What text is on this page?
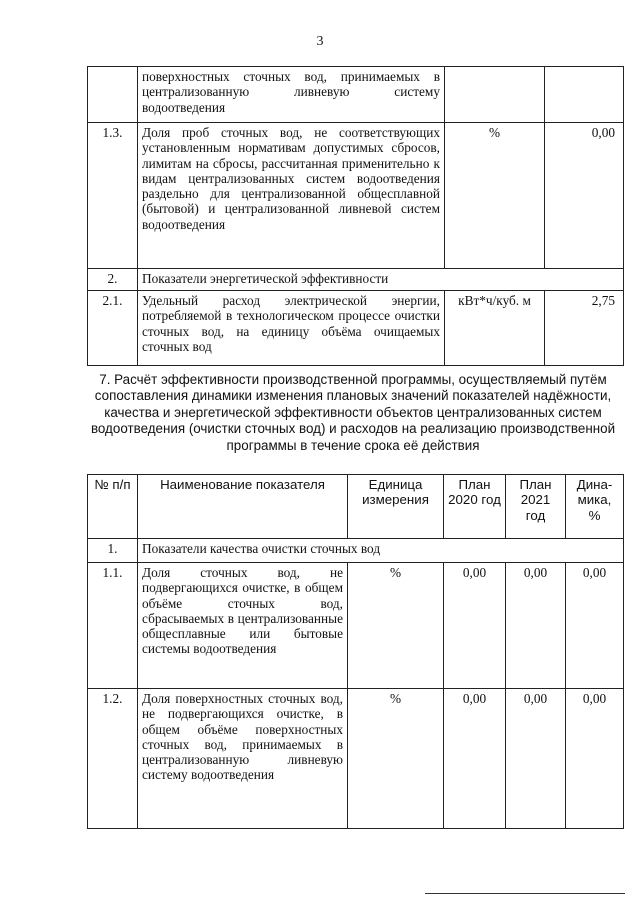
3
	поверхностных сточных вод, принимаемых в централизованную ливневую систему водоотведения		
1.3.	Доля проб сточных вод, не соответствующих установленным нормативам допустимых сбросов, лимитам на сбросы, рассчитанная применительно к видам централизованных систем водоотведения раздельно для централизованной общесплавной (бытовой) и централизованной ливневой систем водоотведения	%	0,00
2.	Показатели энергетической эффективности		
2.1.	Удельный расход электрической энергии, потребляемой в технологическом процессе очистки сточных вод, на единицу объёма очищаемых сточных вод	кВт*ч/куб. м	2,75
7. Расчёт эффективности производственной программы, осуществляемый путём сопоставления динамики изменения плановых значений показателей надёжности, качества и энергетической эффективности объектов централизованных систем водоотведения (очистки сточных вод) и расходов на реализацию производственной программы в течение срока её действия
№ п/п	Наименование показателя	Единица измерения	План 2020 год	План 2021 год	Дина-мика, %
1.	Показатели качества очистки сточных вод				
1.1.	Доля сточных вод, не подвергающихся очистке, в общем объёме сточных вод, сбрасываемых в централизованные общесплавные или бытовые системы водоотведения	%	0,00	0,00	0,00
1.2.	Доля поверхностных сточных вод, не подвергающихся очистке, в общем объёме поверхностных сточных вод, принимаемых в централизованную ливневую систему водоотведения	%	0,00	0,00	0,00
